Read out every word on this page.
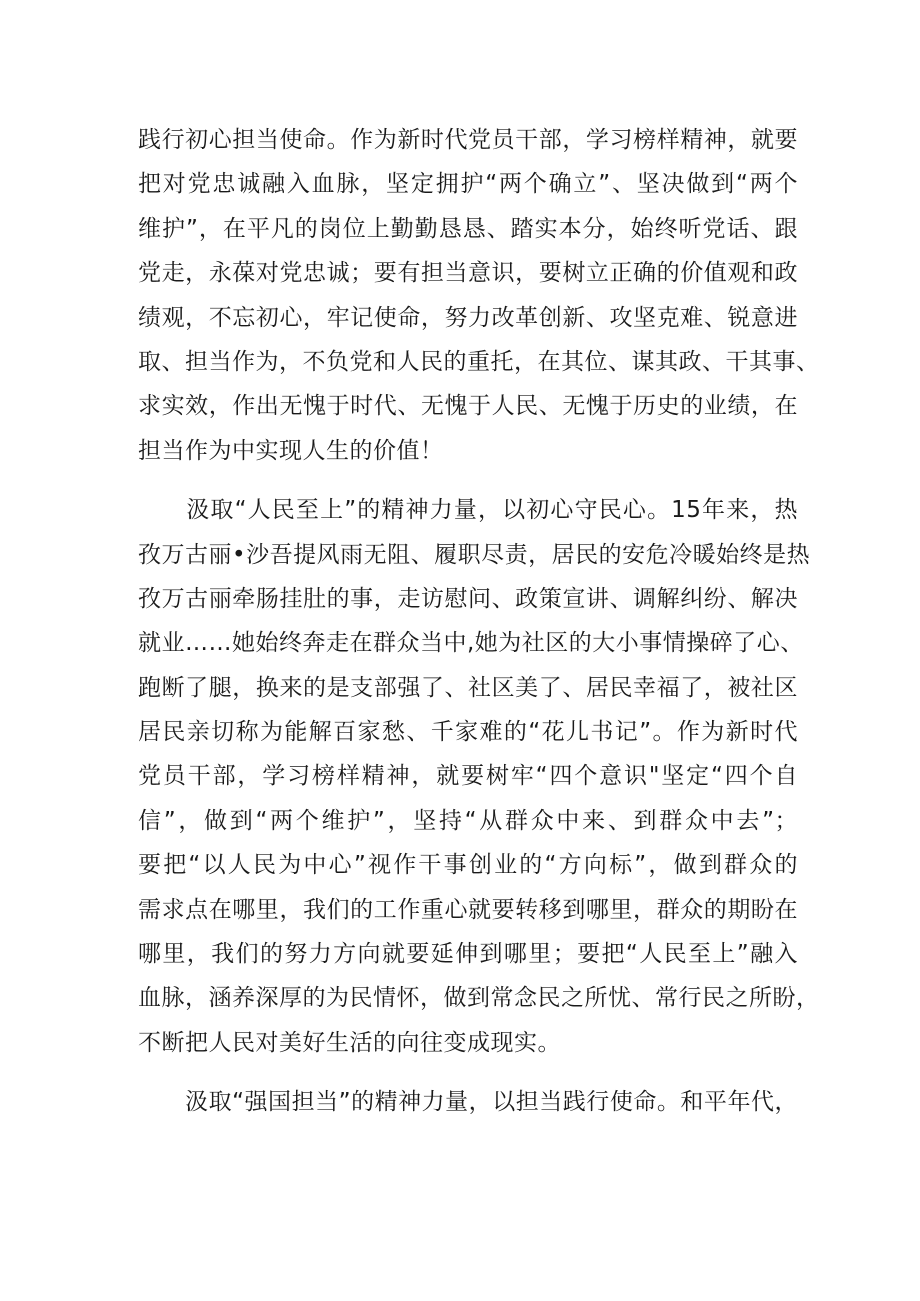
践行初心担当使命。作为新时代党员干部，学习榜样精神，就要
把对党忠诚融入血脉，坚定拥护“两个确立”、坚决做到“两个
维护”，在平凡的岗位上勤勤恳恳、踏实本分，始终听党话、跟
党走，永葆对党忠诚；要有担当意识，要树立正确的价值观和政
绩观，不忘初心，牢记使命，努力改革创新、攻坚克难、锐意进
取、担当作为，不负党和人民的重托，在其位、谋其政、干其事、
求实效，作出无愧于时代、无愧于人民、无愧于历史的业绩，在
担当作为中实现人生的价值！
　　汲取“人民至上”的精神力量，以初心守民心。15年来，热
孜万古丽•沙吾提风雨无阻、履职尽责，居民的安危冷暖始终是热
孜万古丽牵肠挂肚的事，走访慰问、政策宣讲、调解纠纷、解决
就业……她始终奔走在群众当中,她为社区的大小事情操碎了心、
跑断了腿，换来的是支部强了、社区美了、居民幸福了，被社区
居民亲切称为能解百家愁、千家难的“花儿书记”。作为新时代
党员干部，学习榜样精神，就要树牢“四个意识"坚定“四个自
信”，做到“两个维护”，坚持“从群众中来、到群众中去”；
要把“以人民为中心”视作干事创业的“方向标”，做到群众的
需求点在哪里，我们的工作重心就要转移到哪里，群众的期盼在
哪里，我们的努力方向就要延伸到哪里；要把“人民至上”融入
血脉，涵养深厚的为民情怀，做到常念民之所忧、常行民之所盼，
不断把人民对美好生活的向往变成现实。
　　汲取“强国担当”的精神力量，以担当践行使命。和平年代，
